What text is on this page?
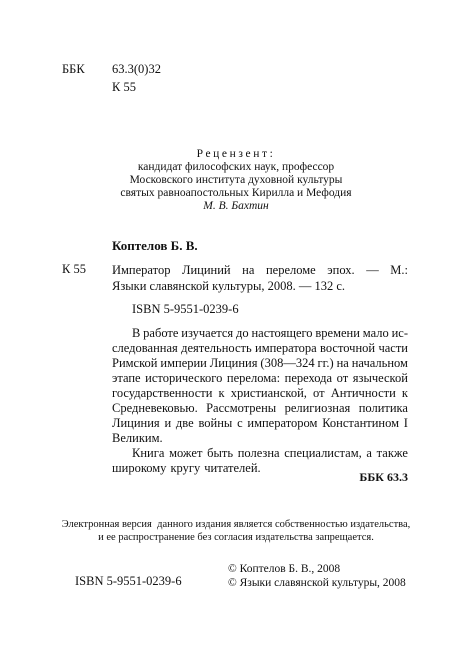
ББК 63.3(0)32
К 55
Рецензент:
кандидат философских наук, профессор
Московского института духовной культуры
святых равноапостольных Кирилла и Мефодия
М. В. Бахтин
Коптелов Б. В.
К 55 Император Лициний на переломе эпох. — М.:
Языки славянской культуры, 2008. — 132 с.
ISBN 5-9551-0239-6
В работе изучается до настоящего времени мало ис-
следованная деятельность императора восточной части
Римской империи Лициния (308—324 гг.) на начальном
этапе исторического перелома: перехода от языческой
государственности к христианской, от Античности к
Средневековью. Рассмотрены религиозная политика
Лициния и две войны с императором Константином I
Великим.
Книга может быть полезна специалистам, а также
широкому кругу читателей.
ББК 63.3
Электронная версия  данного издания является собственностью издательства,
и ее распространение без согласия издательства запрещается.
ISBN 5-9551-0239-6
© Коптелов Б. В., 2008
© Языки славянской культуры, 2008
